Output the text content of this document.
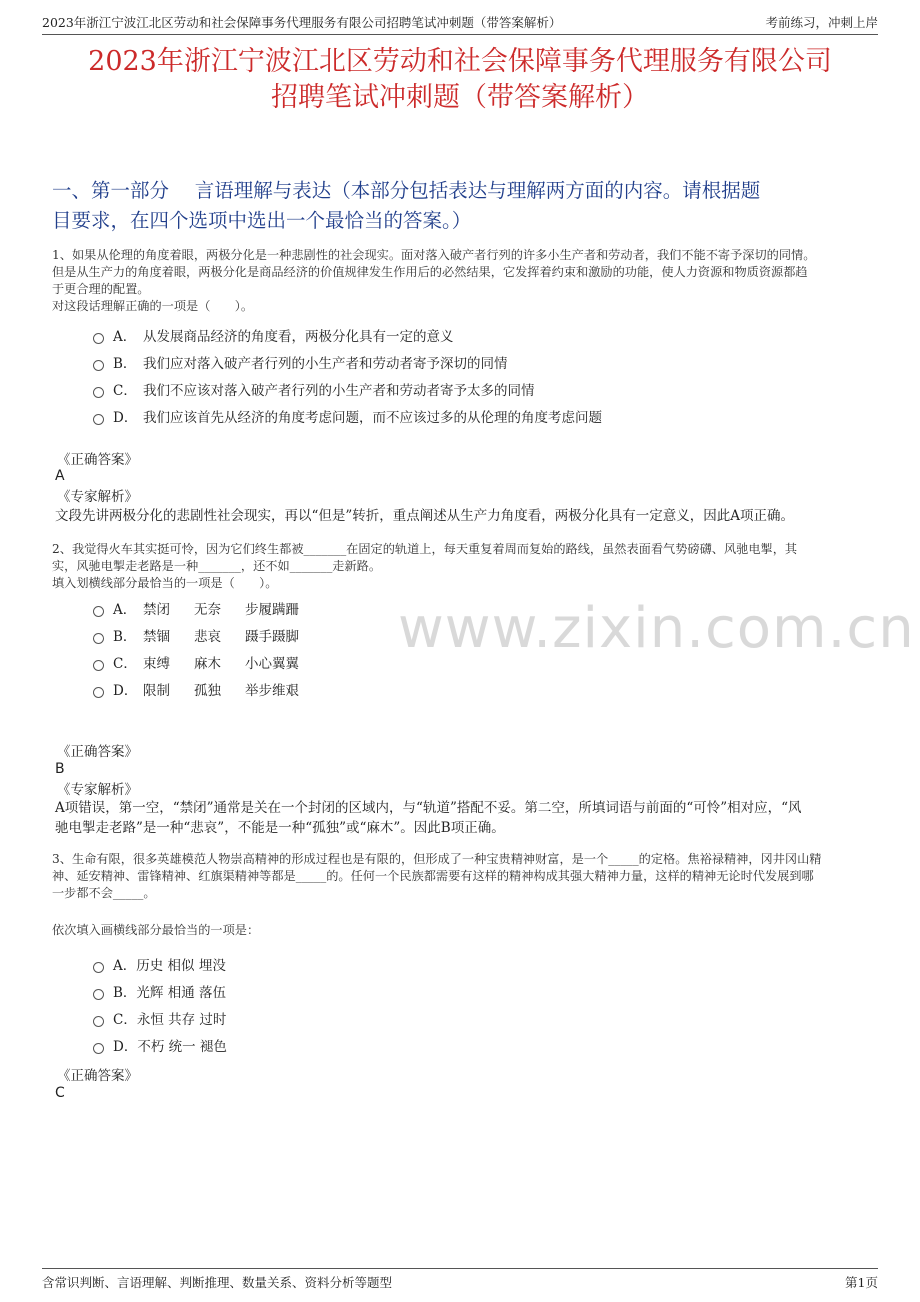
2023年浙江宁波江北区劳动和社会保障事务代理服务有限公司招聘笔试冲刺题（带答案解析）	考前练习，冲刺上岸
2023年浙江宁波江北区劳动和社会保障事务代理服务有限公司
招聘笔试冲刺题（带答案解析）
一、第一部分　 言语理解与表达（本部分包括表达与理解两方面的内容。请根据题
目要求，在四个选项中选出一个最恰当的答案。）

1、如果从伦理的角度着眼，两极分化是一种悲剧性的社会现实。面对落入破产者行列的许多小生产者和劳动者，我们不能不寄予深切的同情。

但是从生产力的角度着眼，两极分化是商品经济的价值规律发生作用后的必然结果，它发挥着约束和激励的功能，使人力资源和物质资源都趋

于更合理的配置。

对这段话理解正确的一项是（　　）。

A． 从发展商品经济的角度看，两极分化具有一定的意义
B． 我们应对落入破产者行列的小生产者和劳动者寄予深切的同情
C． 我们不应该对落入破产者行列的小生产者和劳动者寄予太多的同情
D． 我们应该首先从经济的角度考虑问题，而不应该过多的从伦理的角度考虑问题
《正确答案》
A
《专家解析》
文段先讲两极分化的悲剧性社会现实，再以“但是”转折，重点阐述从生产力角度看，两极分化具有一定意义，因此A项正确。

2、我觉得火车其实挺可怜，因为它们终生都被_______在固定的轨道上，每天重复着周而复始的路线，虽然表面看气势磅礴、风驰电掣，其

实，风驰电掣走老路是一种_______，还不如_______走新路。

填入划横线部分最恰当的一项是（　　）。

A． 禁闭 无奈 步履蹒跚
B． 禁锢 悲哀 蹑手蹑脚
C． 束缚 麻木 小心翼翼
D． 限制 孤独 举步维艰
www.zixin.com.cn
《正确答案》
B
《专家解析》
A项错误，第一空，“禁闭”通常是关在一个封闭的区域内，与“轨道”搭配不妥。第二空，所填词语与前面的“可怜”相对应，“风
驰电掣走老路”是一种“悲哀”，不能是一种“孤独”或“麻木”。因此B项正确。

3、生命有限，很多英雄模范人物崇高精神的形成过程也是有限的，但形成了一种宝贵精神财富，是一个_____的定格。焦裕禄精神，冈井冈山精

神、延安精神、雷锋精神、红旗渠精神等都是_____的。任何一个民族都需要有这样的精神构成其强大精神力量，这样的精神无论时代发展到哪

一步都不会_____。

依次填入画横线部分最恰当的一项是：

A．历史 相似 埋没
B．光辉 相通 落伍
C．永恒 共存 过时
D．不朽 统一 褪色
《正确答案》
C
含常识判断、言语理解、判断推理、数量关系、资料分析等题型	第1页
